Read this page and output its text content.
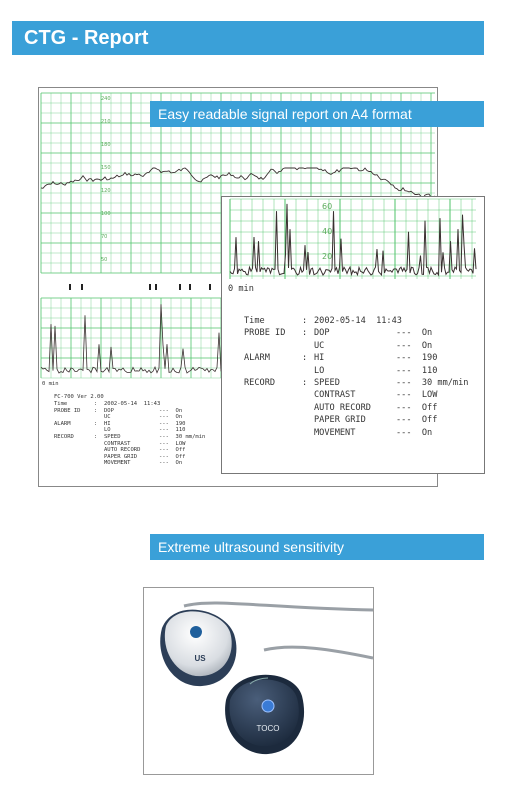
CTG - Report
240
210
180
150
120
100
70
50
FC-700 Ver 2.00
0 min
Time	:	2002-05-14  11:43
PROBE ID	:	DOP	---  On
UC	---  On
ALARM	:	HI	---  190
LO	---  110
RECORD	:	SPEED	---  30 mm/min
CONTRAST	---  LOW
AUTO RECORD	---  Off
PAPER GRID	---  Off
MOVEMENT	---  On
Easy readable signal report on A4 format
60
40
20
0 min
Time	: 2002-05-14  11:43
PROBE ID	: DOP	---  On
UC	---  On
ALARM	: HI	---  190
LO	---  110
RECORD	: SPEED	---  30 mm/min
CONTRAST	---  LOW
AUTO RECORD	---  Off
PAPER GRID	---  Off
MOVEMENT	---  On
Extreme ultrasound sensitivity
US
TOCO
